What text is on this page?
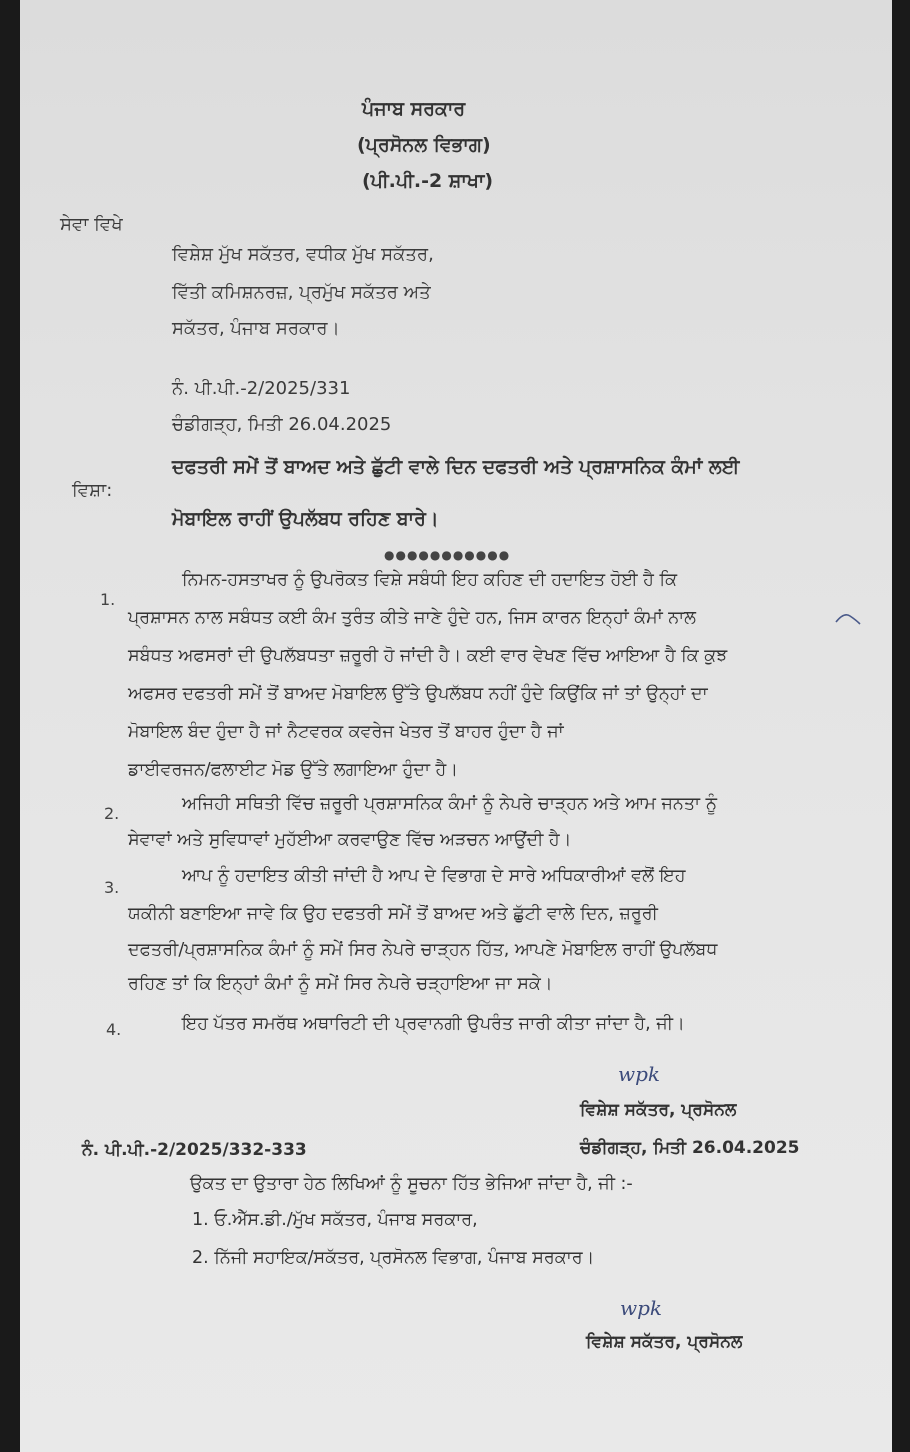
ਪੰਜਾਬ ਸਰਕਾਰ
(ਪ੍ਰਸੋਨਲ ਵਿਭਾਗ)
(ਪੀ.ਪੀ.-2 ਸ਼ਾਖਾ)
ਸੇਵਾ ਵਿਖੇ
ਵਿਸ਼ੇਸ਼ ਮੁੱਖ ਸਕੱਤਰ, ਵਧੀਕ ਮੁੱਖ ਸਕੱਤਰ,
ਵਿੱਤੀ ਕਮਿਸ਼ਨਰਜ਼, ਪ੍ਰਮੁੱਖ ਸਕੱਤਰ ਅਤੇ
ਸਕੱਤਰ, ਪੰਜਾਬ ਸਰਕਾਰ।
ਨੰ. ਪੀ.ਪੀ.-2/2025/331
ਚੰਡੀਗੜ੍ਹ, ਮਿਤੀ 26.04.2025
ਵਿਸ਼ਾ:
ਦਫਤਰੀ ਸਮੇਂ ਤੋਂ ਬਾਅਦ ਅਤੇ ਛੁੱਟੀ ਵਾਲੇ ਦਿਨ ਦਫਤਰੀ ਅਤੇ ਪ੍ਰਸ਼ਾਸਨਿਕ ਕੰਮਾਂ ਲਈ
ਮੋਬਾਇਲ ਰਾਹੀਂ ਉਪਲੱਬਧ ਰਹਿਣ ਬਾਰੇ।
●●●●●●●●●●●
1.
ਨਿਮਨ-ਹਸਤਾਖਰ ਨੂੰ ਉਪਰੋਕਤ ਵਿਸ਼ੇ ਸਬੰਧੀ ਇਹ ਕਹਿਣ ਦੀ ਹਦਾਇਤ ਹੋਈ ਹੈ ਕਿ
ਪ੍ਰਸ਼ਾਸਨ ਨਾਲ ਸਬੰਧਤ ਕਈ ਕੰਮ ਤੁਰੰਤ ਕੀਤੇ ਜਾਣੇ ਹੁੰਦੇ ਹਨ, ਜਿਸ ਕਾਰਨ ਇਨ੍ਹਾਂ ਕੰਮਾਂ ਨਾਲ
ਸਬੰਧਤ ਅਫਸਰਾਂ ਦੀ ਉਪਲੱਬਧਤਾ ਜ਼ਰੂਰੀ ਹੋ ਜਾਂਦੀ ਹੈ। ਕਈ ਵਾਰ ਵੇਖਣ ਵਿੱਚ ਆਇਆ ਹੈ ਕਿ ਕੁਝ
ਅਫਸਰ ਦਫਤਰੀ ਸਮੇਂ ਤੋਂ ਬਾਅਦ ਮੋਬਾਇਲ ਉੱਤੇ ਉਪਲੱਬਧ ਨਹੀਂ ਹੁੰਦੇ ਕਿਉਂਕਿ ਜਾਂ ਤਾਂ ਉਨ੍ਹਾਂ ਦਾ
ਮੋਬਾਇਲ ਬੰਦ ਹੁੰਦਾ ਹੈ ਜਾਂ ਨੈਟਵਰਕ ਕਵਰੇਜ ਖੇਤਰ ਤੋਂ ਬਾਹਰ ਹੁੰਦਾ ਹੈ ਜਾਂ
ਡਾਈਵਰਜਨ/ਫਲਾਈਟ ਮੋਡ ਉੱਤੇ ਲਗਾਇਆ ਹੁੰਦਾ ਹੈ।
2.	ਅਜਿਹੀ ਸਥਿਤੀ ਵਿੱਚ ਜ਼ਰੂਰੀ ਪ੍ਰਸ਼ਾਸਨਿਕ ਕੰਮਾਂ ਨੂੰ ਨੇਪਰੇ ਚਾੜ੍ਹਨ ਅਤੇ ਆਮ ਜਨਤਾ ਨੂੰ
ਸੇਵਾਵਾਂ ਅਤੇ ਸੁਵਿਧਾਵਾਂ ਮੁਹੱਈਆ ਕਰਵਾਉਣ ਵਿੱਚ ਅੜਚਨ ਆਉਂਦੀ ਹੈ।
3.
ਆਪ ਨੂੰ ਹਦਾਇਤ ਕੀਤੀ ਜਾਂਦੀ ਹੈ ਆਪ ਦੇ ਵਿਭਾਗ ਦੇ ਸਾਰੇ ਅਧਿਕਾਰੀਆਂ ਵਲੋਂ ਇਹ
ਯਕੀਨੀ ਬਣਾਇਆ ਜਾਵੇ ਕਿ ਉਹ ਦਫਤਰੀ ਸਮੇਂ ਤੋਂ ਬਾਅਦ ਅਤੇ ਛੁੱਟੀ ਵਾਲੇ ਦਿਨ, ਜ਼ਰੂਰੀ
ਦਫਤਰੀ/ਪ੍ਰਸ਼ਾਸਨਿਕ ਕੰਮਾਂ ਨੂੰ ਸਮੇਂ ਸਿਰ ਨੇਪਰੇ ਚਾੜ੍ਹਨ ਹਿੱਤ, ਆਪਣੇ ਮੋਬਾਇਲ ਰਾਹੀਂ ਉਪਲੱਬਧ
ਰਹਿਣ ਤਾਂ ਕਿ ਇਨ੍ਹਾਂ ਕੰਮਾਂ ਨੂੰ ਸਮੇਂ ਸਿਰ ਨੇਪਰੇ ਚੜ੍ਹਾਇਆ ਜਾ ਸਕੇ।
4.	ਇਹ ਪੱਤਰ ਸਮਰੱਥ ਅਥਾਰਿਟੀ ਦੀ ਪ੍ਰਵਾਨਗੀ ਉਪਰੰਤ ਜਾਰੀ ਕੀਤਾ ਜਾਂਦਾ ਹੈ, ਜੀ।
wpk
ਵਿਸ਼ੇਸ਼ ਸਕੱਤਰ, ਪ੍ਰਸੋਨਲ
ਚੰਡੀਗੜ੍ਹ, ਮਿਤੀ 26.04.2025
ਨੰ. ਪੀ.ਪੀ.-2/2025/332-333
ਉਕਤ ਦਾ ਉਤਾਰਾ ਹੇਠ ਲਿਖਿਆਂ ਨੂੰ ਸੂਚਨਾ ਹਿੱਤ ਭੇਜਿਆ ਜਾਂਦਾ ਹੈ, ਜੀ :-
1. ਓ.ਐੱਸ.ਡੀ./ਮੁੱਖ ਸਕੱਤਰ, ਪੰਜਾਬ ਸਰਕਾਰ,
2. ਨਿੱਜੀ ਸਹਾਇਕ/ਸਕੱਤਰ, ਪ੍ਰਸੋਨਲ ਵਿਭਾਗ, ਪੰਜਾਬ ਸਰਕਾਰ।
wpk
ਵਿਸ਼ੇਸ਼ ਸਕੱਤਰ, ਪ੍ਰਸੋਨਲ
